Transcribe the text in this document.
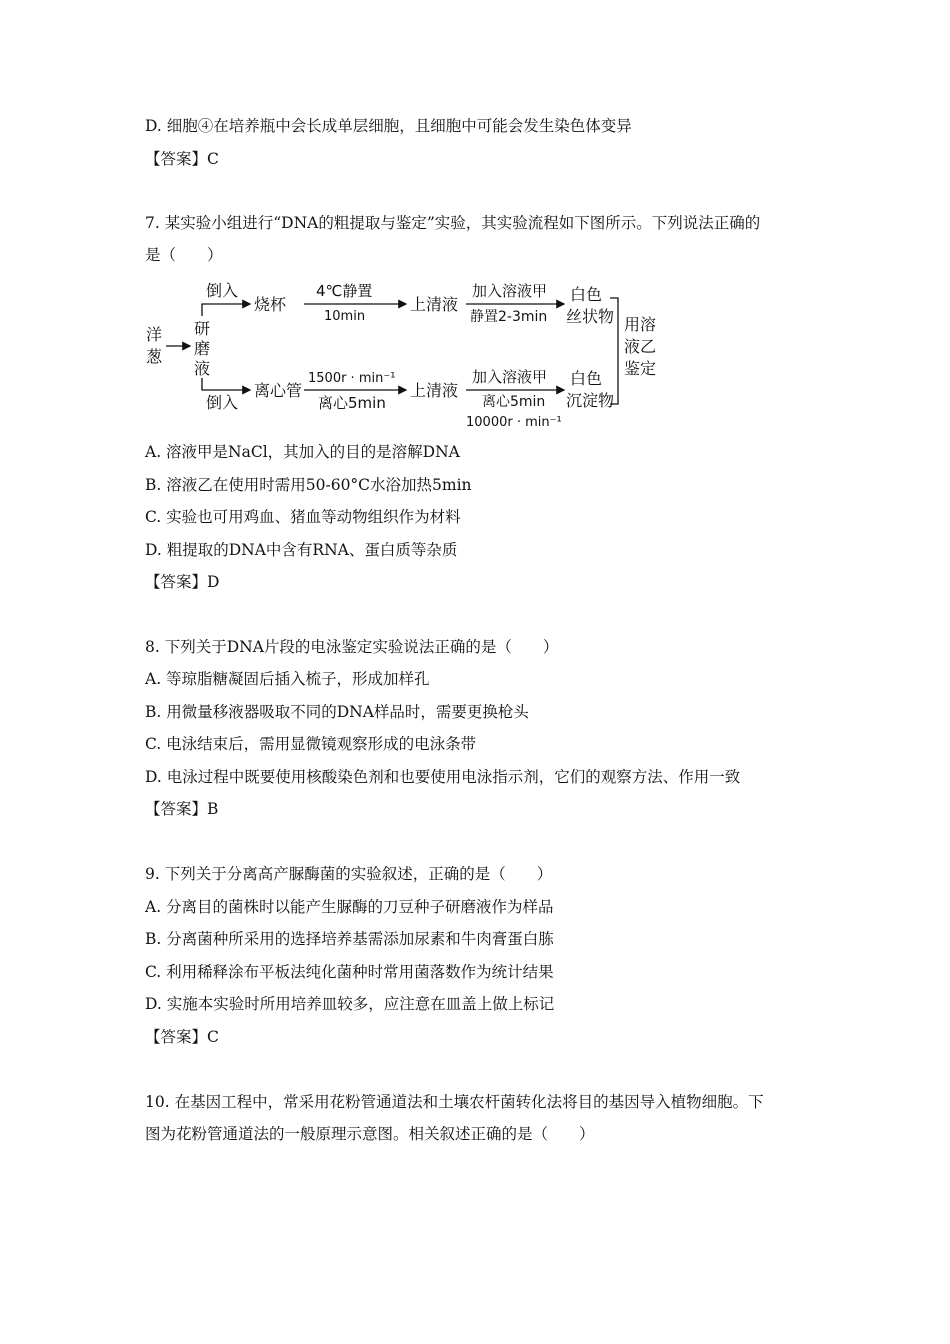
D. 细胞④在培养瓶中会长成单层细胞，且细胞中可能会发生染色体变异
【答案】C
7. 某实验小组进行“DNA的粗提取与鉴定”实验，其实验流程如下图所示。下列说法正确的
是（　　）
洋
葱
研
磨
液
倒入
倒入
烧杯
离心管
4℃静置
10min
1500r · min⁻¹
离心5min
上清液
上清液
加入溶液甲
静置2-3min
加入溶液甲
离心5min
10000r · min⁻¹
白色
丝状物
白色
沉淀物
用溶
液乙
鉴定
A. 溶液甲是NaCl，其加入的目的是溶解DNA
B. 溶液乙在使用时需用50-60°C水浴加热5min
C. 实验也可用鸡血、猪血等动物组织作为材料
D. 粗提取的DNA中含有RNA、蛋白质等杂质
【答案】D
8. 下列关于DNA片段的电泳鉴定实验说法正确的是（　　）
A. 等琼脂糖凝固后插入梳子，形成加样孔
B. 用微量移液器吸取不同的DNA样品时，需要更换枪头
C. 电泳结束后，需用显微镜观察形成的电泳条带
D. 电泳过程中既要使用核酸染色剂和也要使用电泳指示剂，它们的观察方法、作用一致
【答案】B
9. 下列关于分离高产脲酶菌的实验叙述，正确的是（　　）
A. 分离目的菌株时以能产生脲酶的刀豆种子研磨液作为样品
B. 分离菌种所采用的选择培养基需添加尿素和牛肉膏蛋白胨
C. 利用稀释涂布平板法纯化菌种时常用菌落数作为统计结果
D. 实施本实验时所用培养皿较多，应注意在皿盖上做上标记
【答案】C
10. 在基因工程中，常采用花粉管通道法和土壤农杆菌转化法将目的基因导入植物细胞。下
图为花粉管通道法的一般原理示意图。相关叙述正确的是（　　）
